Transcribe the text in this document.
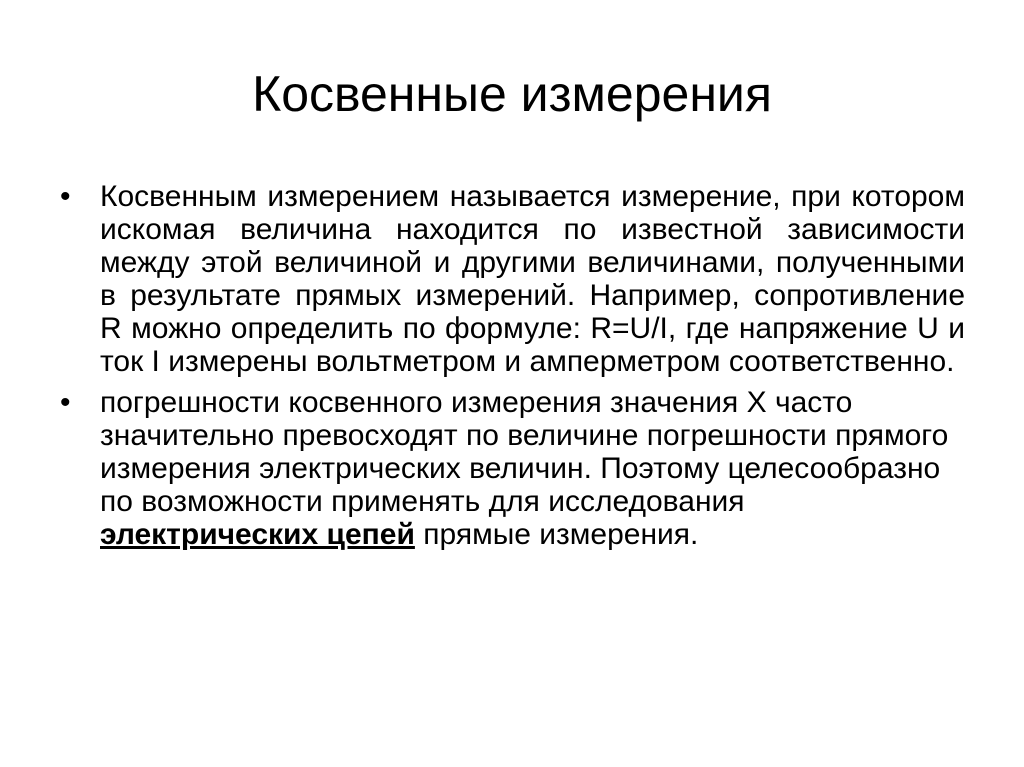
Косвенные измерения
• Косвенным измерением называется измерение, при котором искомая величина находится по известной зависимости между этой величиной и другими величинами, полученными в результате прямых измерений. Например, сопротивление R можно определить по формуле: R=U/I, где напряжение U и ток I измерены вольтметром и амперметром соответственно.
• погрешности косвенного измерения значения X часто значительно превосходят по величине погрешности прямого измерения электрических величин. Поэтому целесообразно по возможности применять для исследования электрических цепей прямые измерения.
